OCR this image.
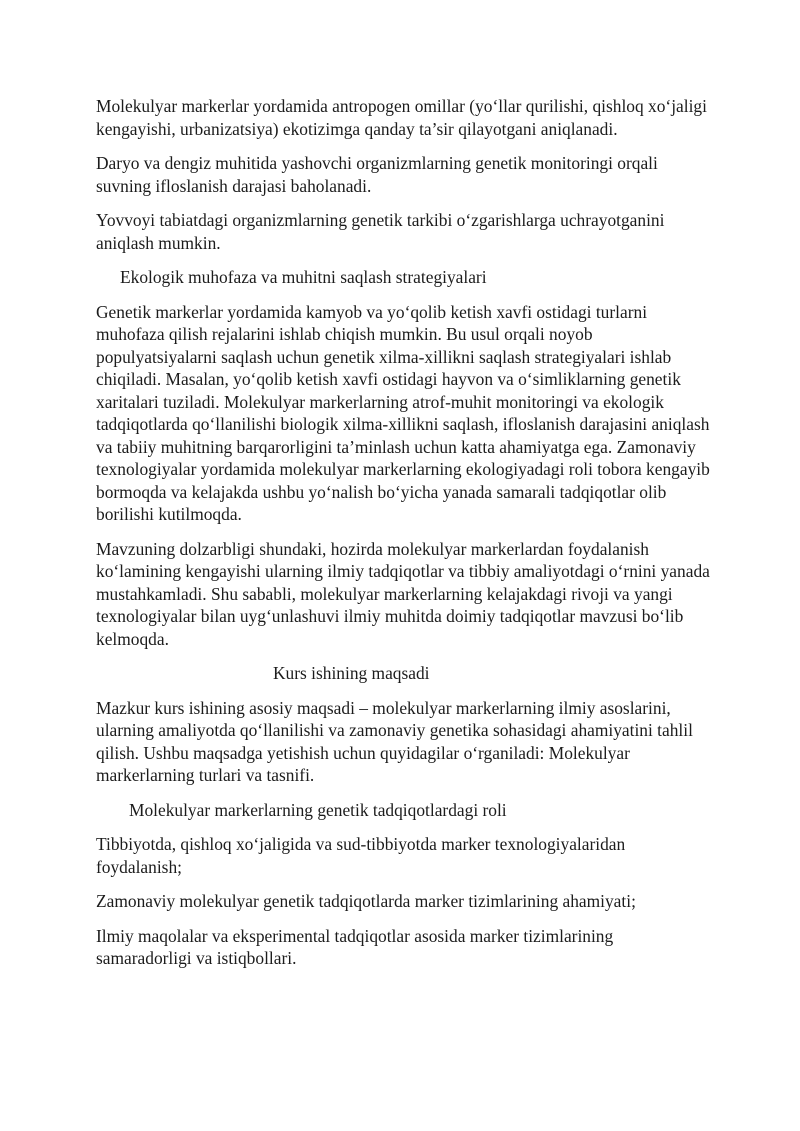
Molekulyar markerlar yordamida antropogen omillar (yo‘llar qurilishi, qishloq xo‘jaligi kengayishi, urbanizatsiya) ekotizimga qanday ta’sir qilayotgani aniqlanadi.

Daryo va dengiz muhitida yashovchi organizmlarning genetik monitoringi orqali suvning ifloslanish darajasi baholanadi.

Yovvoyi tabiatdagi organizmlarning genetik tarkibi o‘zgarishlarga uchrayotganini aniqlash mumkin.

Ekologik muhofaza va muhitni saqlash strategiyalari

Genetik markerlar yordamida kamyob va yo‘qolib ketish xavfi ostidagi turlarni muhofaza qilish rejalarini ishlab chiqish mumkin. Bu usul orqali noyob populyatsiyalarni saqlash uchun genetik xilma-xillikni saqlash strategiyalari ishlab chiqiladi. Masalan, yo‘qolib ketish xavfi ostidagi hayvon va o‘simliklarning genetik xaritalari tuziladi. Molekulyar markerlarning atrof-muhit monitoringi va ekologik tadqiqotlarda qo‘llanilishi biologik xilma-xillikni saqlash, ifloslanish darajasini aniqlash va tabiiy muhitning barqarorligini ta’minlash uchun katta ahamiyatga ega. Zamonaviy texnologiyalar yordamida molekulyar markerlarning ekologiyadagi roli tobora kengayib bormoqda va kelajakda ushbu yo‘nalish bo‘yicha yanada samarali tadqiqotlar olib borilishi kutilmoqda.

Mavzuning dolzarbligi shundaki, hozirda molekulyar markerlardan foydalanish ko‘lamining kengayishi ularning ilmiy tadqiqotlar va tibbiy amaliyotdagi o‘rnini yanada mustahkamladi. Shu sababli, molekulyar markerlarning kelajakdagi rivoji va yangi texnologiyalar bilan uyg‘unlashuvi ilmiy muhitda doimiy tadqiqotlar mavzusi bo‘lib kelmoqda.

Kurs ishining maqsadi

Mazkur kurs ishining asosiy maqsadi – molekulyar markerlarning ilmiy asoslarini, ularning amaliyotda qo‘llanilishi va zamonaviy genetika sohasidagi ahamiyatini tahlil qilish. Ushbu maqsadga yetishish uchun quyidagilar o‘rganiladi: Molekulyar markerlarning turlari va tasnifi.

Molekulyar markerlarning genetik tadqiqotlardagi roli

Tibbiyotda, qishloq xo‘jaligida va sud-tibbiyotda marker texnologiyalaridan foydalanish;

Zamonaviy molekulyar genetik tadqiqotlarda marker tizimlarining ahamiyati;

Ilmiy maqolalar va eksperimental tadqiqotlar asosida marker tizimlarining samaradorligi va istiqbollari.
